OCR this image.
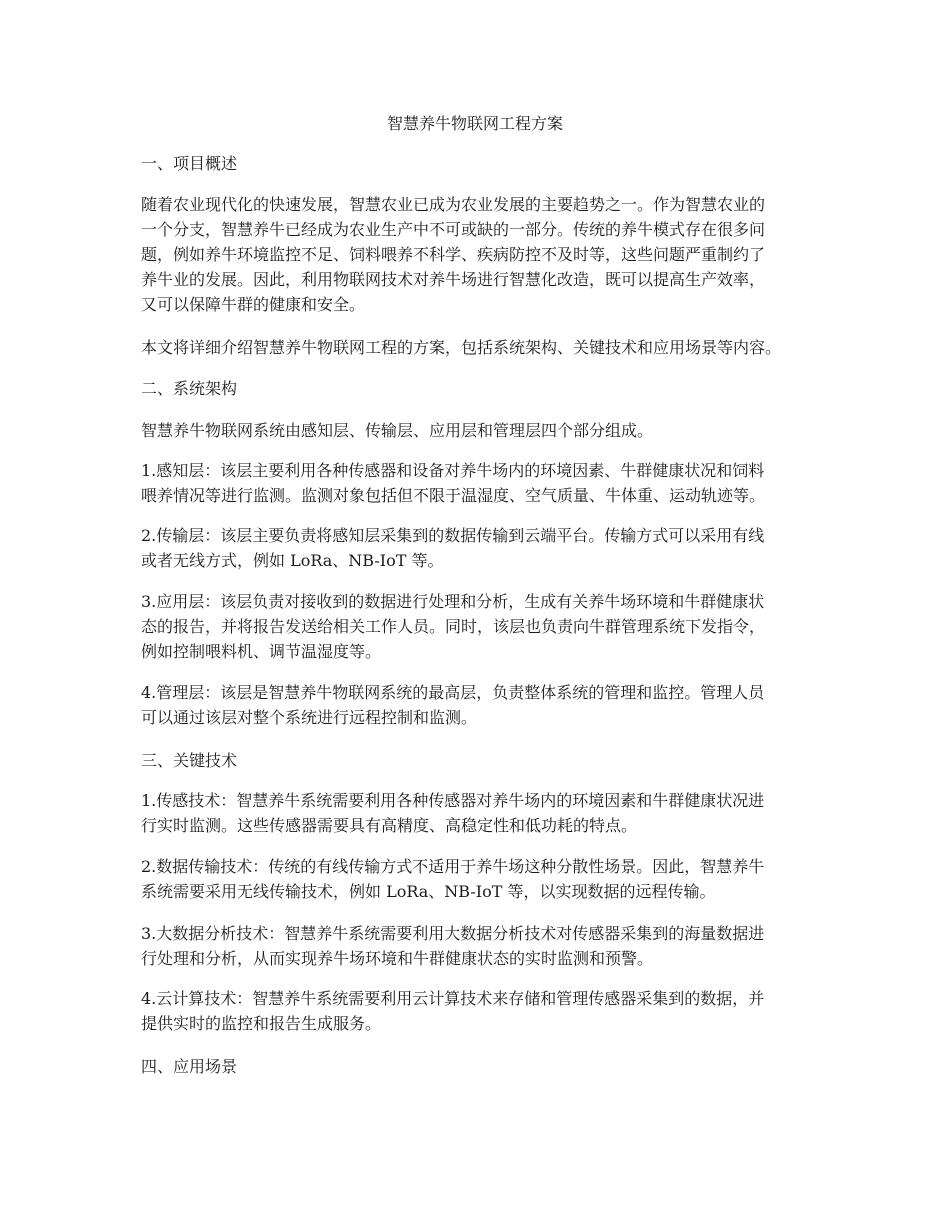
智慧养牛物联网工程方案

一、项目概述

随着农业现代化的快速发展，智慧农业已成为农业发展的主要趋势之一。作为智慧农业的

一个分支，智慧养牛已经成为农业生产中不可或缺的一部分。传统的养牛模式存在很多问

题，例如养牛环境监控不足、饲料喂养不科学、疾病防控不及时等，这些问题严重制约了

养牛业的发展。因此，利用物联网技术对养牛场进行智慧化改造，既可以提高生产效率，

又可以保障牛群的健康和安全。

本文将详细介绍智慧养牛物联网工程的方案，包括系统架构、关键技术和应用场景等内容。

二、系统架构

智慧养牛物联网系统由感知层、传输层、应用层和管理层四个部分组成。

1.感知层：该层主要利用各种传感器和设备对养牛场内的环境因素、牛群健康状况和饲料

喂养情况等进行监测。监测对象包括但不限于温湿度、空气质量、牛体重、运动轨迹等。

2.传输层：该层主要负责将感知层采集到的数据传输到云端平台。传输方式可以采用有线

或者无线方式，例如 LoRa、NB-IoT 等。

3.应用层：该层负责对接收到的数据进行处理和分析，生成有关养牛场环境和牛群健康状

态的报告，并将报告发送给相关工作人员。同时，该层也负责向牛群管理系统下发指令，

例如控制喂料机、调节温湿度等。

4.管理层：该层是智慧养牛物联网系统的最高层，负责整体系统的管理和监控。管理人员

可以通过该层对整个系统进行远程控制和监测。

三、关键技术

1.传感技术：智慧养牛系统需要利用各种传感器对养牛场内的环境因素和牛群健康状况进

行实时监测。这些传感器需要具有高精度、高稳定性和低功耗的特点。

2.数据传输技术：传统的有线传输方式不适用于养牛场这种分散性场景。因此，智慧养牛

系统需要采用无线传输技术，例如 LoRa、NB-IoT 等，以实现数据的远程传输。

3.大数据分析技术：智慧养牛系统需要利用大数据分析技术对传感器采集到的海量数据进

行处理和分析，从而实现养牛场环境和牛群健康状态的实时监测和预警。

4.云计算技术：智慧养牛系统需要利用云计算技术来存储和管理传感器采集到的数据，并

提供实时的监控和报告生成服务。

四、应用场景
